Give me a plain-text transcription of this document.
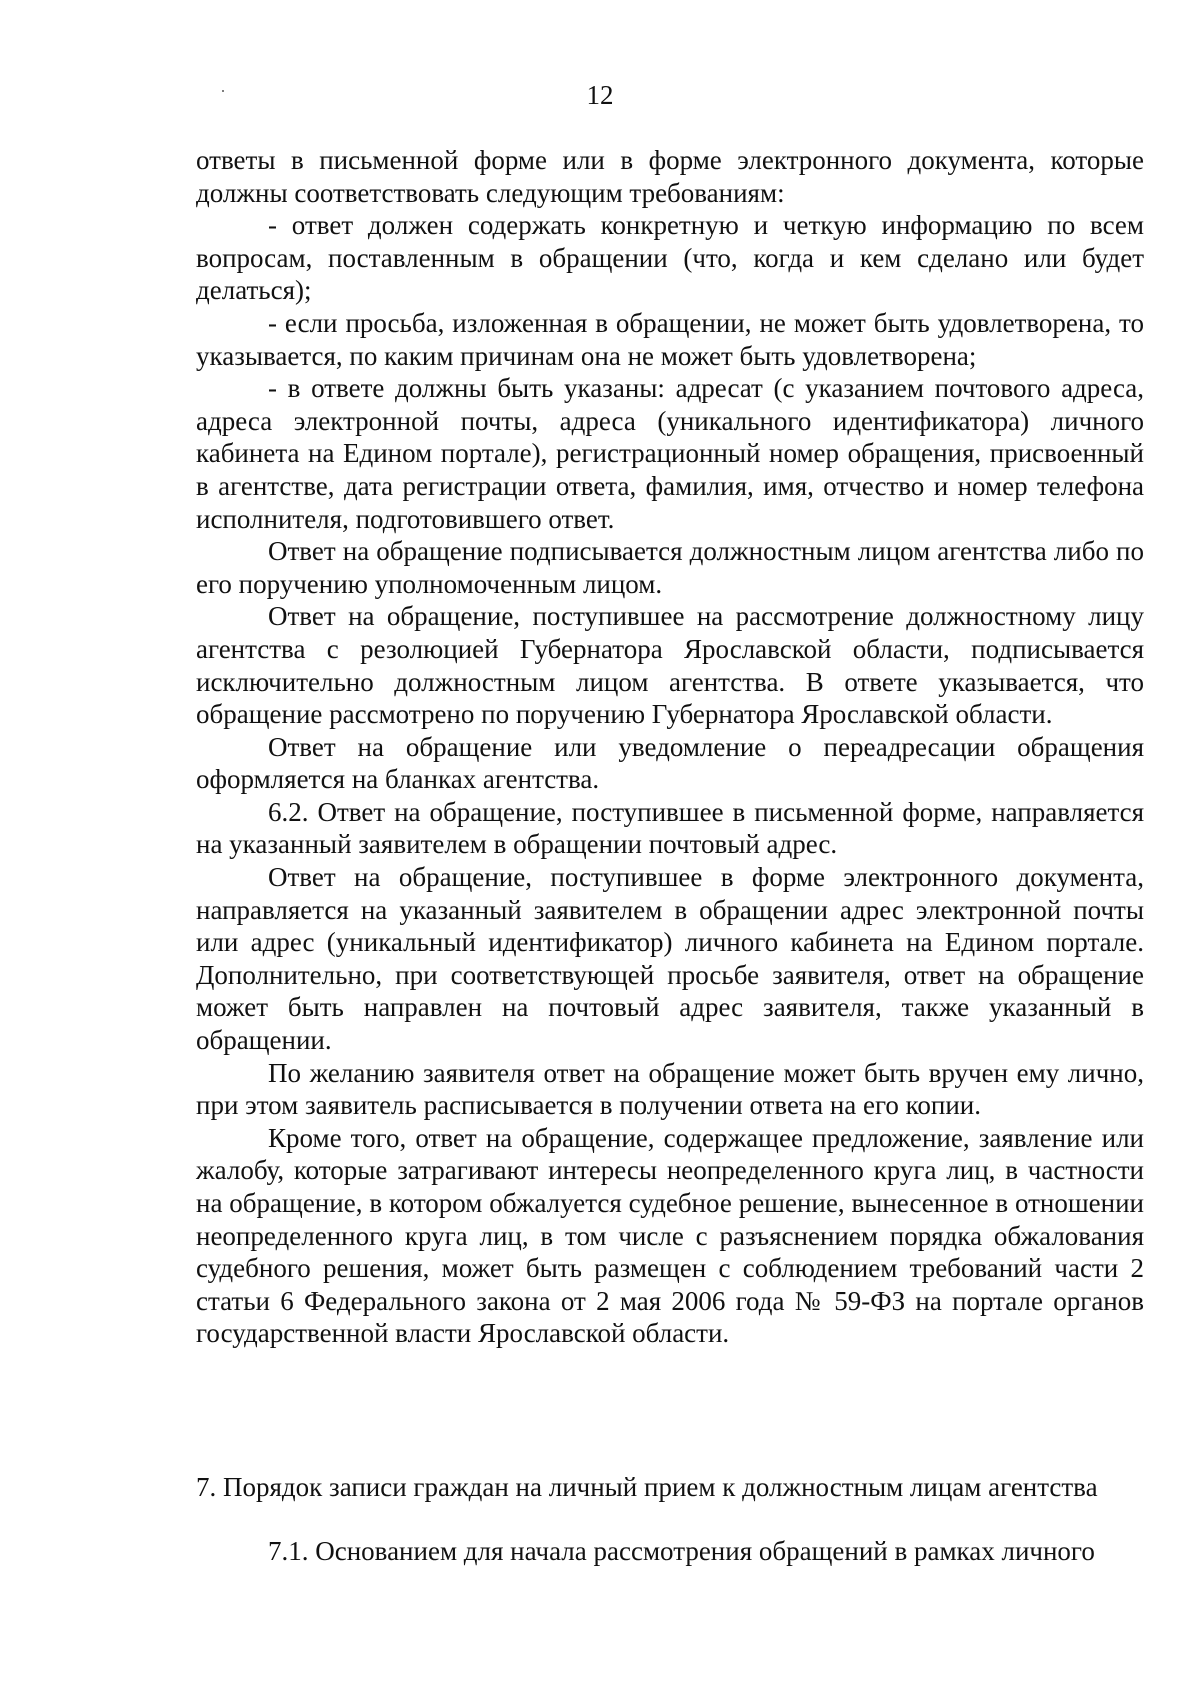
12

ответы в письменной форме или в форме электронного документа, которые должны соответствовать следующим требованиям:

- ответ должен содержать конкретную и четкую информацию по всем вопросам, поставленным в обращении (что, когда и кем сделано или будет делаться);

- если просьба, изложенная в обращении, не может быть удовлетворена, то указывается, по каким причинам она не может быть удовлетворена;

- в ответе должны быть указаны: адресат (с указанием почтового адреса, адреса электронной почты, адреса (уникального идентификатора) личного кабинета на Едином портале), регистрационный номер обращения, присвоенный в агентстве, дата регистрации ответа, фамилия, имя, отчество и номер телефона исполнителя, подготовившего ответ.

Ответ на обращение подписывается должностным лицом агентства либо по его поручению уполномоченным лицом.

Ответ на обращение, поступившее на рассмотрение должностному лицу агентства с резолюцией Губернатора Ярославской области, подписывается исключительно должностным лицом агентства. В ответе указывается, что обращение рассмотрено по поручению Губернатора Ярославской области.

Ответ на обращение или уведомление о переадресации обращения оформляется на бланках агентства.

6.2. Ответ на обращение, поступившее в письменной форме, направляется на указанный заявителем в обращении почтовый адрес.

Ответ на обращение, поступившее в форме электронного документа, направляется на указанный заявителем в обращении адрес электронной почты или адрес (уникальный идентификатор) личного кабинета на Едином портале. Дополнительно, при соответствующей просьбе заявителя, ответ на обращение может быть направлен на почтовый адрес заявителя, также указанный в обращении.

По желанию заявителя ответ на обращение может быть вручен ему лично, при этом заявитель расписывается в получении ответа на его копии.

Кроме того, ответ на обращение, содержащее предложение, заявление или жалобу, которые затрагивают интересы неопределенного круга лиц, в частности на обращение, в котором обжалуется судебное решение, вынесенное в отношении неопределенного круга лиц, в том числе с разъяснением порядка обжалования судебного решения, может быть размещен с соблюдением требований части 2 статьи 6 Федерального закона от 2 мая 2006 года № 59-ФЗ на портале органов государственной власти Ярославской области.

7. Порядок записи граждан на личный прием к должностным лицам агентства
7.1. Основанием для начала рассмотрения обращений в рамках личного
